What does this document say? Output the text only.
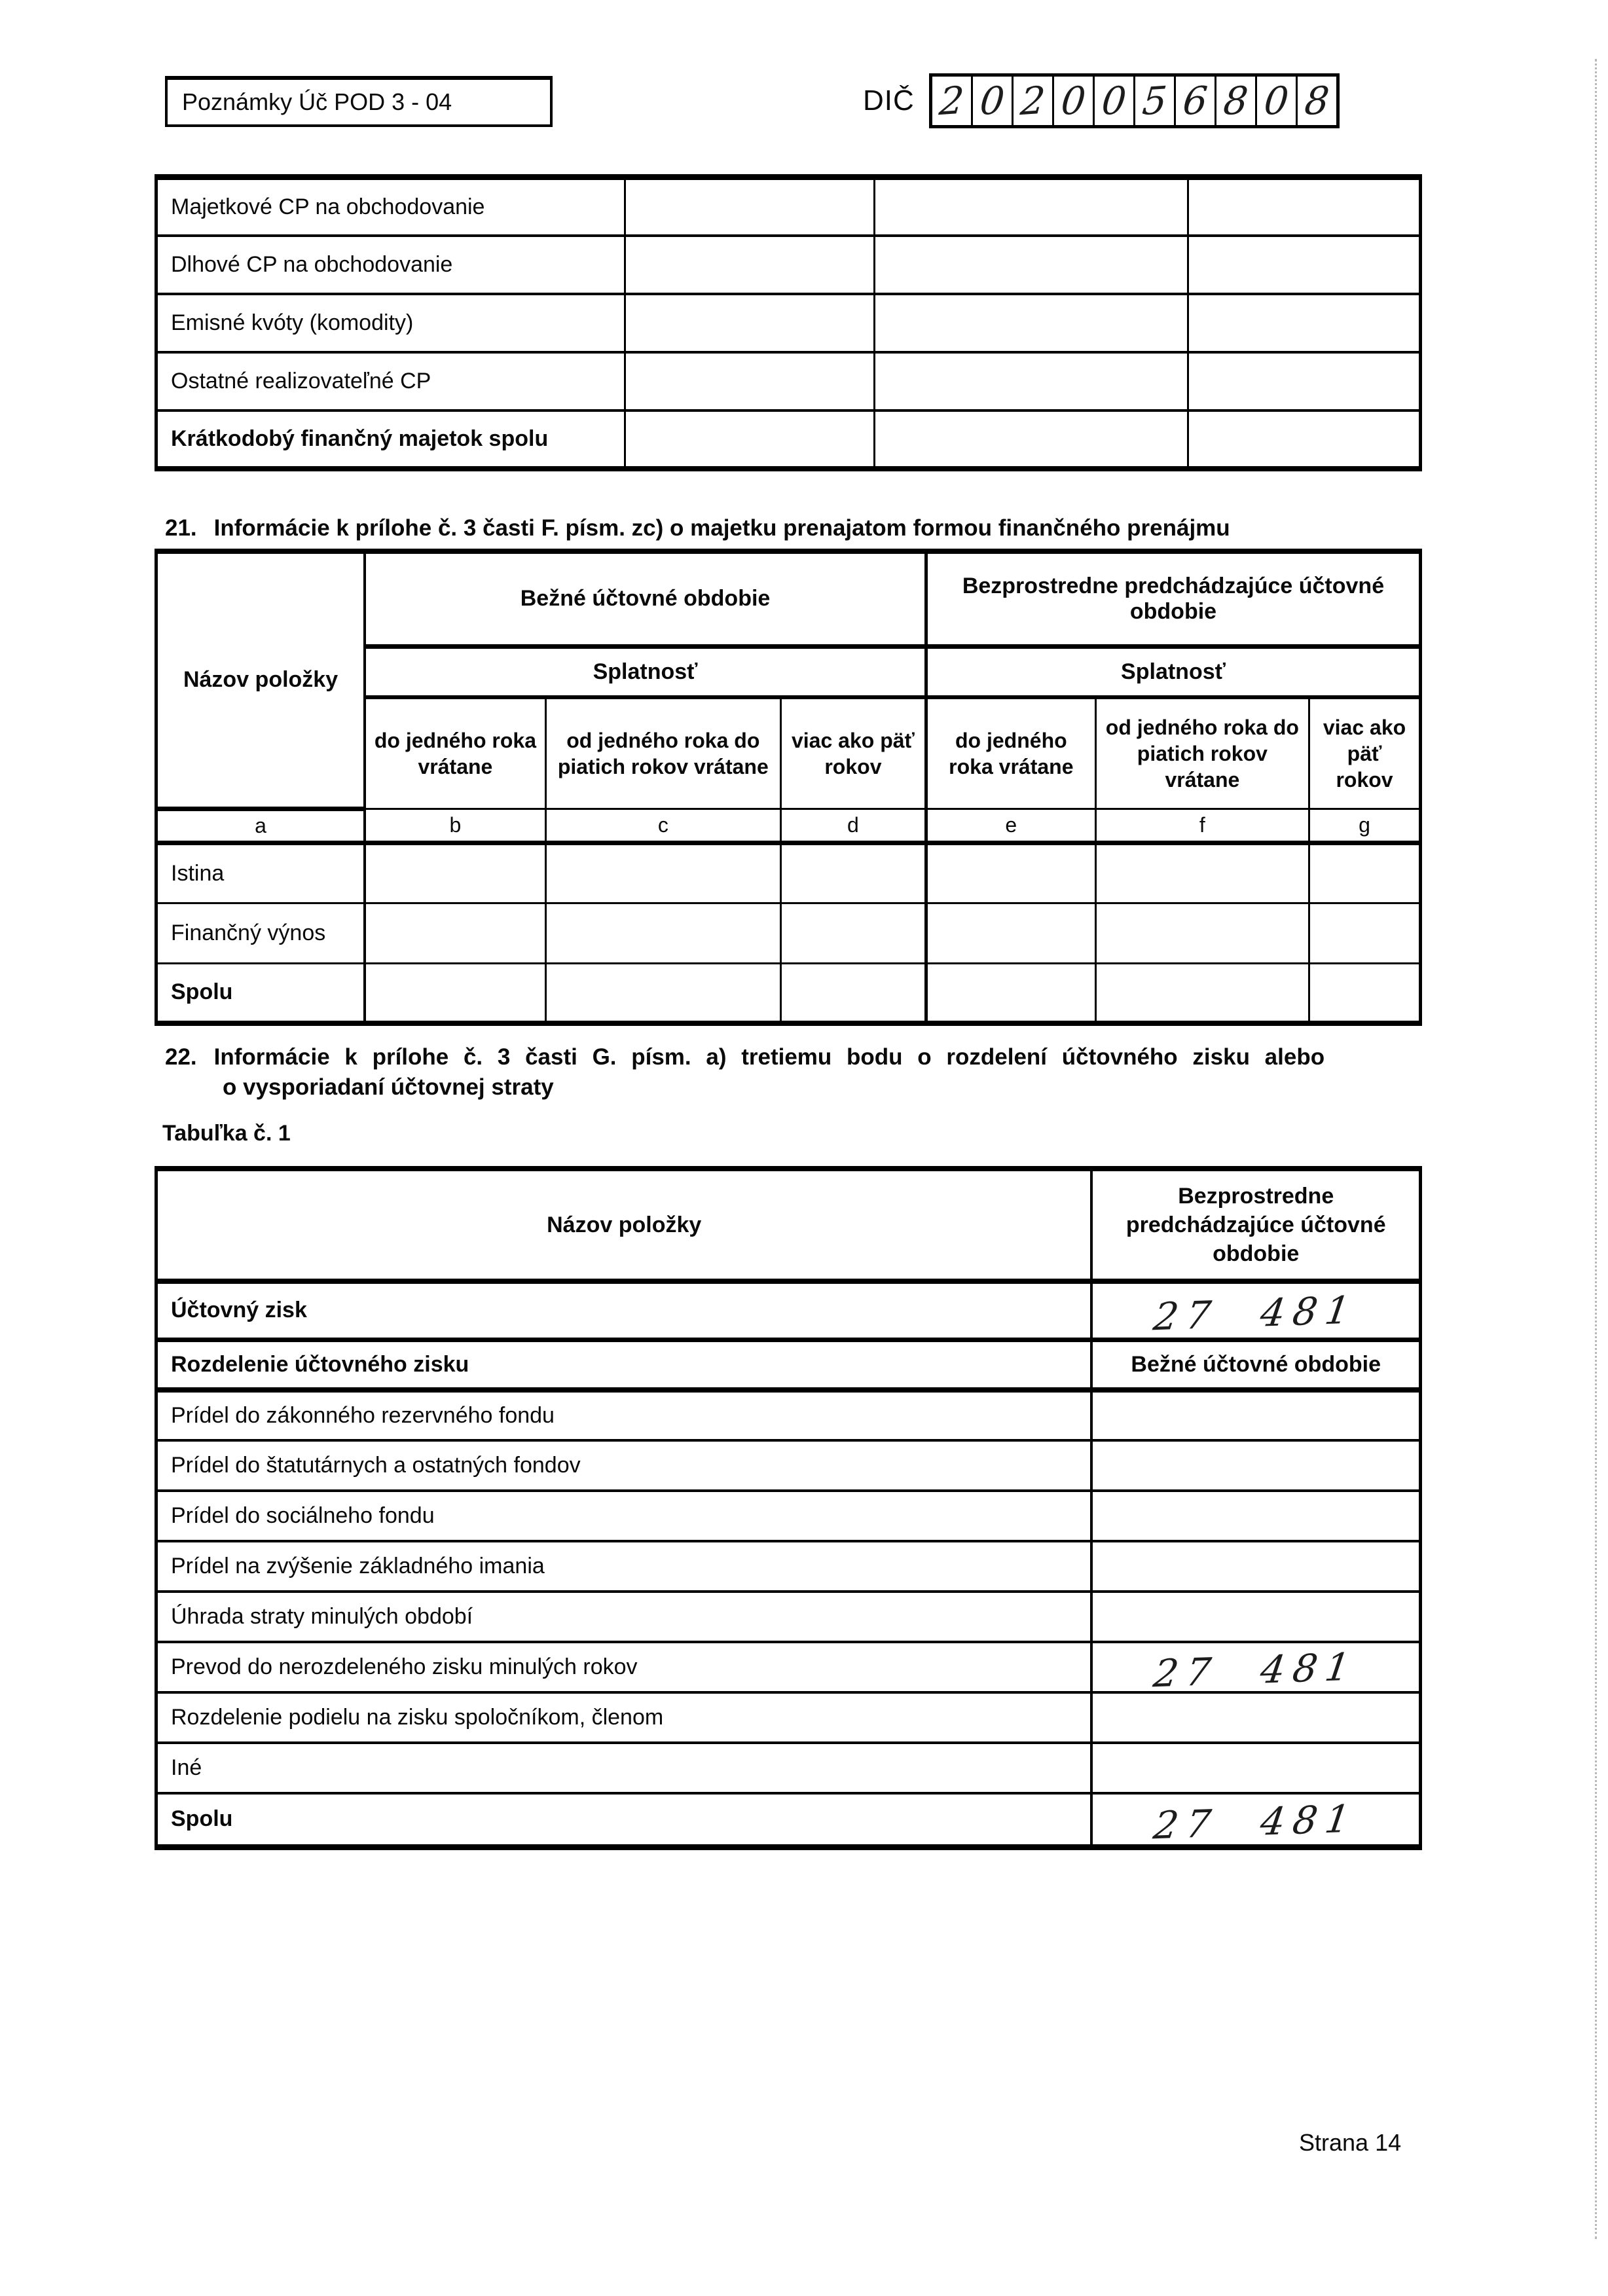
Poznámky Úč POD 3 - 04	DIČ 2 0 2 0 0 5 6 8 0 8
Majetkové CP na obchodovanie			
Dlhové CP na obchodovanie			
Emisné kvóty (komodity)			
Ostatné realizovateľné CP			
Krátkodobý finančný majetok spolu			
21. Informácie k prílohe č. 3 časti F. písm. zc) o majetku prenajatom formou finančného prenájmu
Názov položky	Bežné účtovné obdobie			Bezprostredne predchádzajúce účtovné obdobie		
	Splatnosť			Splatnosť		
	do jedného roka vrátane	od jedného roka do piatich rokov vrátane	viac ako päť rokov	do jedného roka vrátane	od jedného roka do piatich rokov vrátane	viac ako päť rokov
a	b	c	d	e	f	g
Istina						
Finančný výnos						
Spolu						
22. Informácie k prílohe č. 3 časti G. písm. a) tretiemu bodu o rozdelení účtovného zisku alebo
o vysporiadaní účtovnej straty
Tabuľka č. 1
Názov položky	Bezprostredne predchádzajúce účtovné obdobie
Účtovný zisk	27 481
Rozdelenie účtovného zisku	Bežné účtovné obdobie
Prídel do zákonného rezervného fondu	
Prídel do štatutárnych a ostatných fondov	
Prídel do sociálneho fondu	
Prídel na zvýšenie základného imania	
Úhrada straty minulých období	
Prevod do nerozdeleného zisku minulých rokov	27 481
Rozdelenie podielu na zisku spoločníkom, členom	
Iné	
Spolu	27 481
Strana 14
